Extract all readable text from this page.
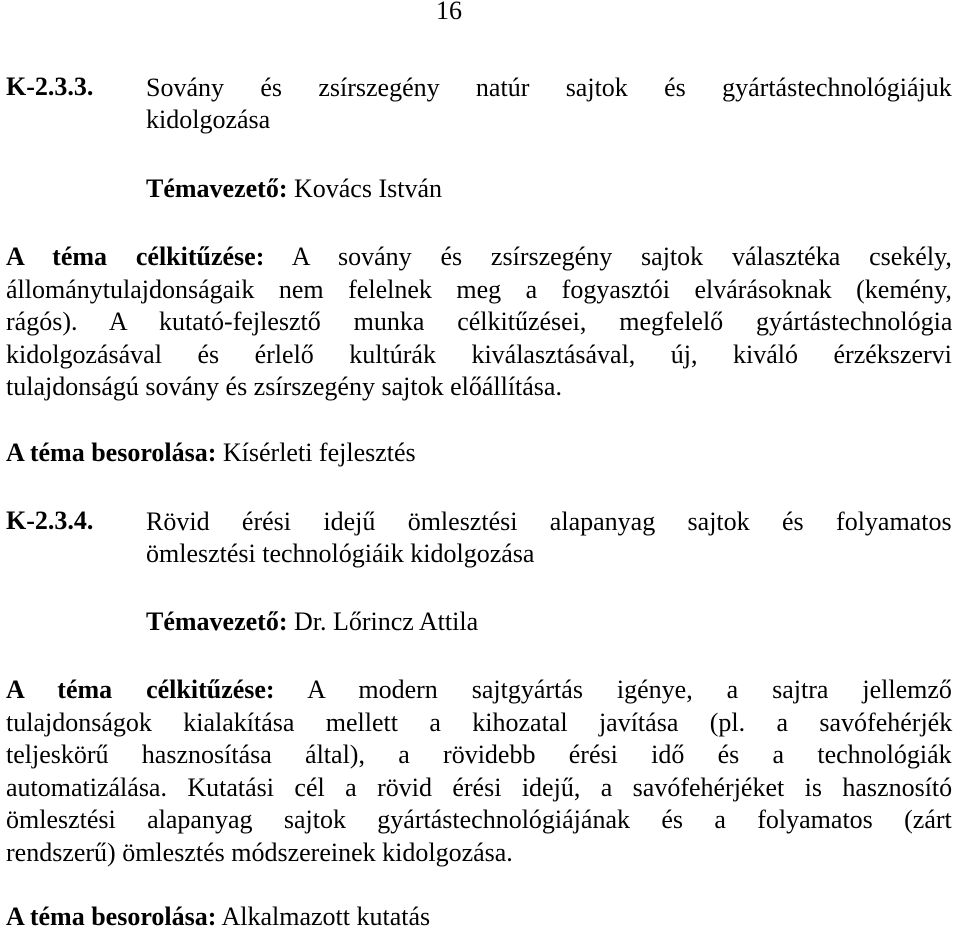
16
K-2.3.3. Sovány és zsírszegény natúr sajtok és gyártástechnológiájuk
kidolgozása
Témavezető: Kovács István
A téma célkitűzése: A sovány és zsírszegény sajtok választéka csekély,
állománytulajdonságaik nem felelnek meg a fogyasztói elvárásoknak (kemény,
rágós). A kutató-fejlesztő munka célkitűzései, megfelelő gyártástechnológia
kidolgozásával és érlelő kultúrák kiválasztásával, új, kiváló érzékszervi
tulajdonságú sovány és zsírszegény sajtok előállítása.
A téma besorolása: Kísérleti fejlesztés
K-2.3.4. Rövid érési idejű ömlesztési alapanyag sajtok és folyamatos
ömlesztési technológiáik kidolgozása
Témavezető: Dr. Lőrincz Attila
A téma célkitűzése: A modern sajtgyártás igénye, a sajtra jellemző
tulajdonságok kialakítása mellett a kihozatal javítása (pl. a savófehérjék
teljeskörű hasznosítása által), a rövidebb érési idő és a technológiák
automatizálása. Kutatási cél a rövid érési idejű, a savófehérjéket is hasznosító
ömlesztési alapanyag sajtok gyártástechnológiájának és a folyamatos (zárt
rendszerű) ömlesztés módszereinek kidolgozása.
A téma besorolása: Alkalmazott kutatás
